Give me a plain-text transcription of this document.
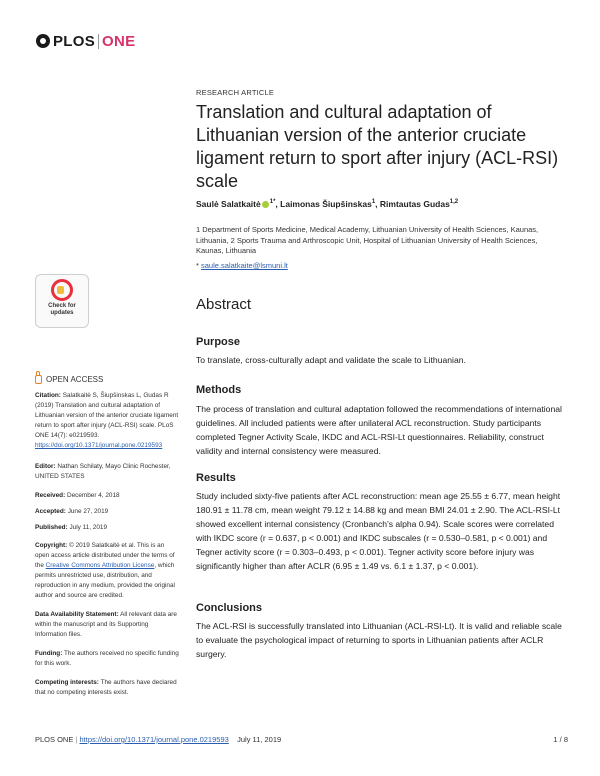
PLOS ONE
RESEARCH ARTICLE
Translation and cultural adaptation of Lithuanian version of the anterior cruciate ligament return to sport after injury (ACL-RSI) scale
Saulė Salatkaitė $^{1*}$, Laimonas Šiupšinskas$^1$, Rimtautas Gudas$^{1,2}$
1 Department of Sports Medicine, Medical Academy, Lithuanian University of Health Sciences, Kaunas, Lithuania, 2 Sports Trauma and Arthroscopic Unit, Hospital of Lithuanian University of Health Sciences, Kaunas, Lithuania
* saule.salatkaite@lsmuni.lt
Abstract
Purpose

To translate, cross-culturally adapt and validate the scale to Lithuanian.

Methods

The process of translation and cultural adaptation followed the recommendations of international guidelines. All included patients were after unilateral ACL reconstruction. Study participants completed Tegner Activity Scale, IKDC and ACL-RSI-Lt questionnaires. Reliability, construct validity and internal consistency were measured.

Results

Study included sixty-five patients after ACL reconstruction: mean age 25.55 ± 6.77, mean height 180.91 ± 11.78 cm, mean weight 79.12 ± 14.88 kg and mean BMI 24.01 ± 2.90. The ACL-RSI-Lt showed excellent internal consistency (Cronbanch's alpha 0.94). Scale scores were correlated with IKDC score (r = 0.637, p < 0.001) and IKDC subscales (r = 0.530–0.581, p < 0.001) and Tegner activity score (r = 0.303–0.493, p < 0.001). Tegner activity score before injury was significantly higher than after ACLR (6.95 ± 1.49 vs. 6.1 ± 1.37, p < 0.001).

Conclusions

The ACL-RSI is successfully translated into Lithuanian (ACL-RSI-Lt). It is valid and reliable scale to evaluate the psychological impact of returning to sports in Lithuanian patients after ACLR surgery.

Check for updates
OPEN ACCESS

Citation: Salatkaitė S, Šiupšinskas L, Gudas R (2019) Translation and cultural adaptation of Lithuanian version of the anterior cruciate ligament return to sport after injury (ACL-RSI) scale. PLoS ONE 14(7): e0219593. https://doi.org/10.1371/journal.pone.0219593

Editor: Nathan Schilaty, Mayo Clinic Rochester, UNITED STATES

Received: December 4, 2018

Accepted: June 27, 2019

Published: July 11, 2019

Copyright: © 2019 Salatkaitė et al. This is an open access article distributed under the terms of the Creative Commons Attribution License, which permits unrestricted use, distribution, and reproduction in any medium, provided the original author and source are credited.

Data Availability Statement: All relevant data are within the manuscript and its Supporting Information files.

Funding: The authors received no specific funding for this work.

Competing interests: The authors have declared that no competing interests exist.

PLOS ONE | https://doi.org/10.1371/journal.pone.0219593 July 11, 2019	1 / 8
